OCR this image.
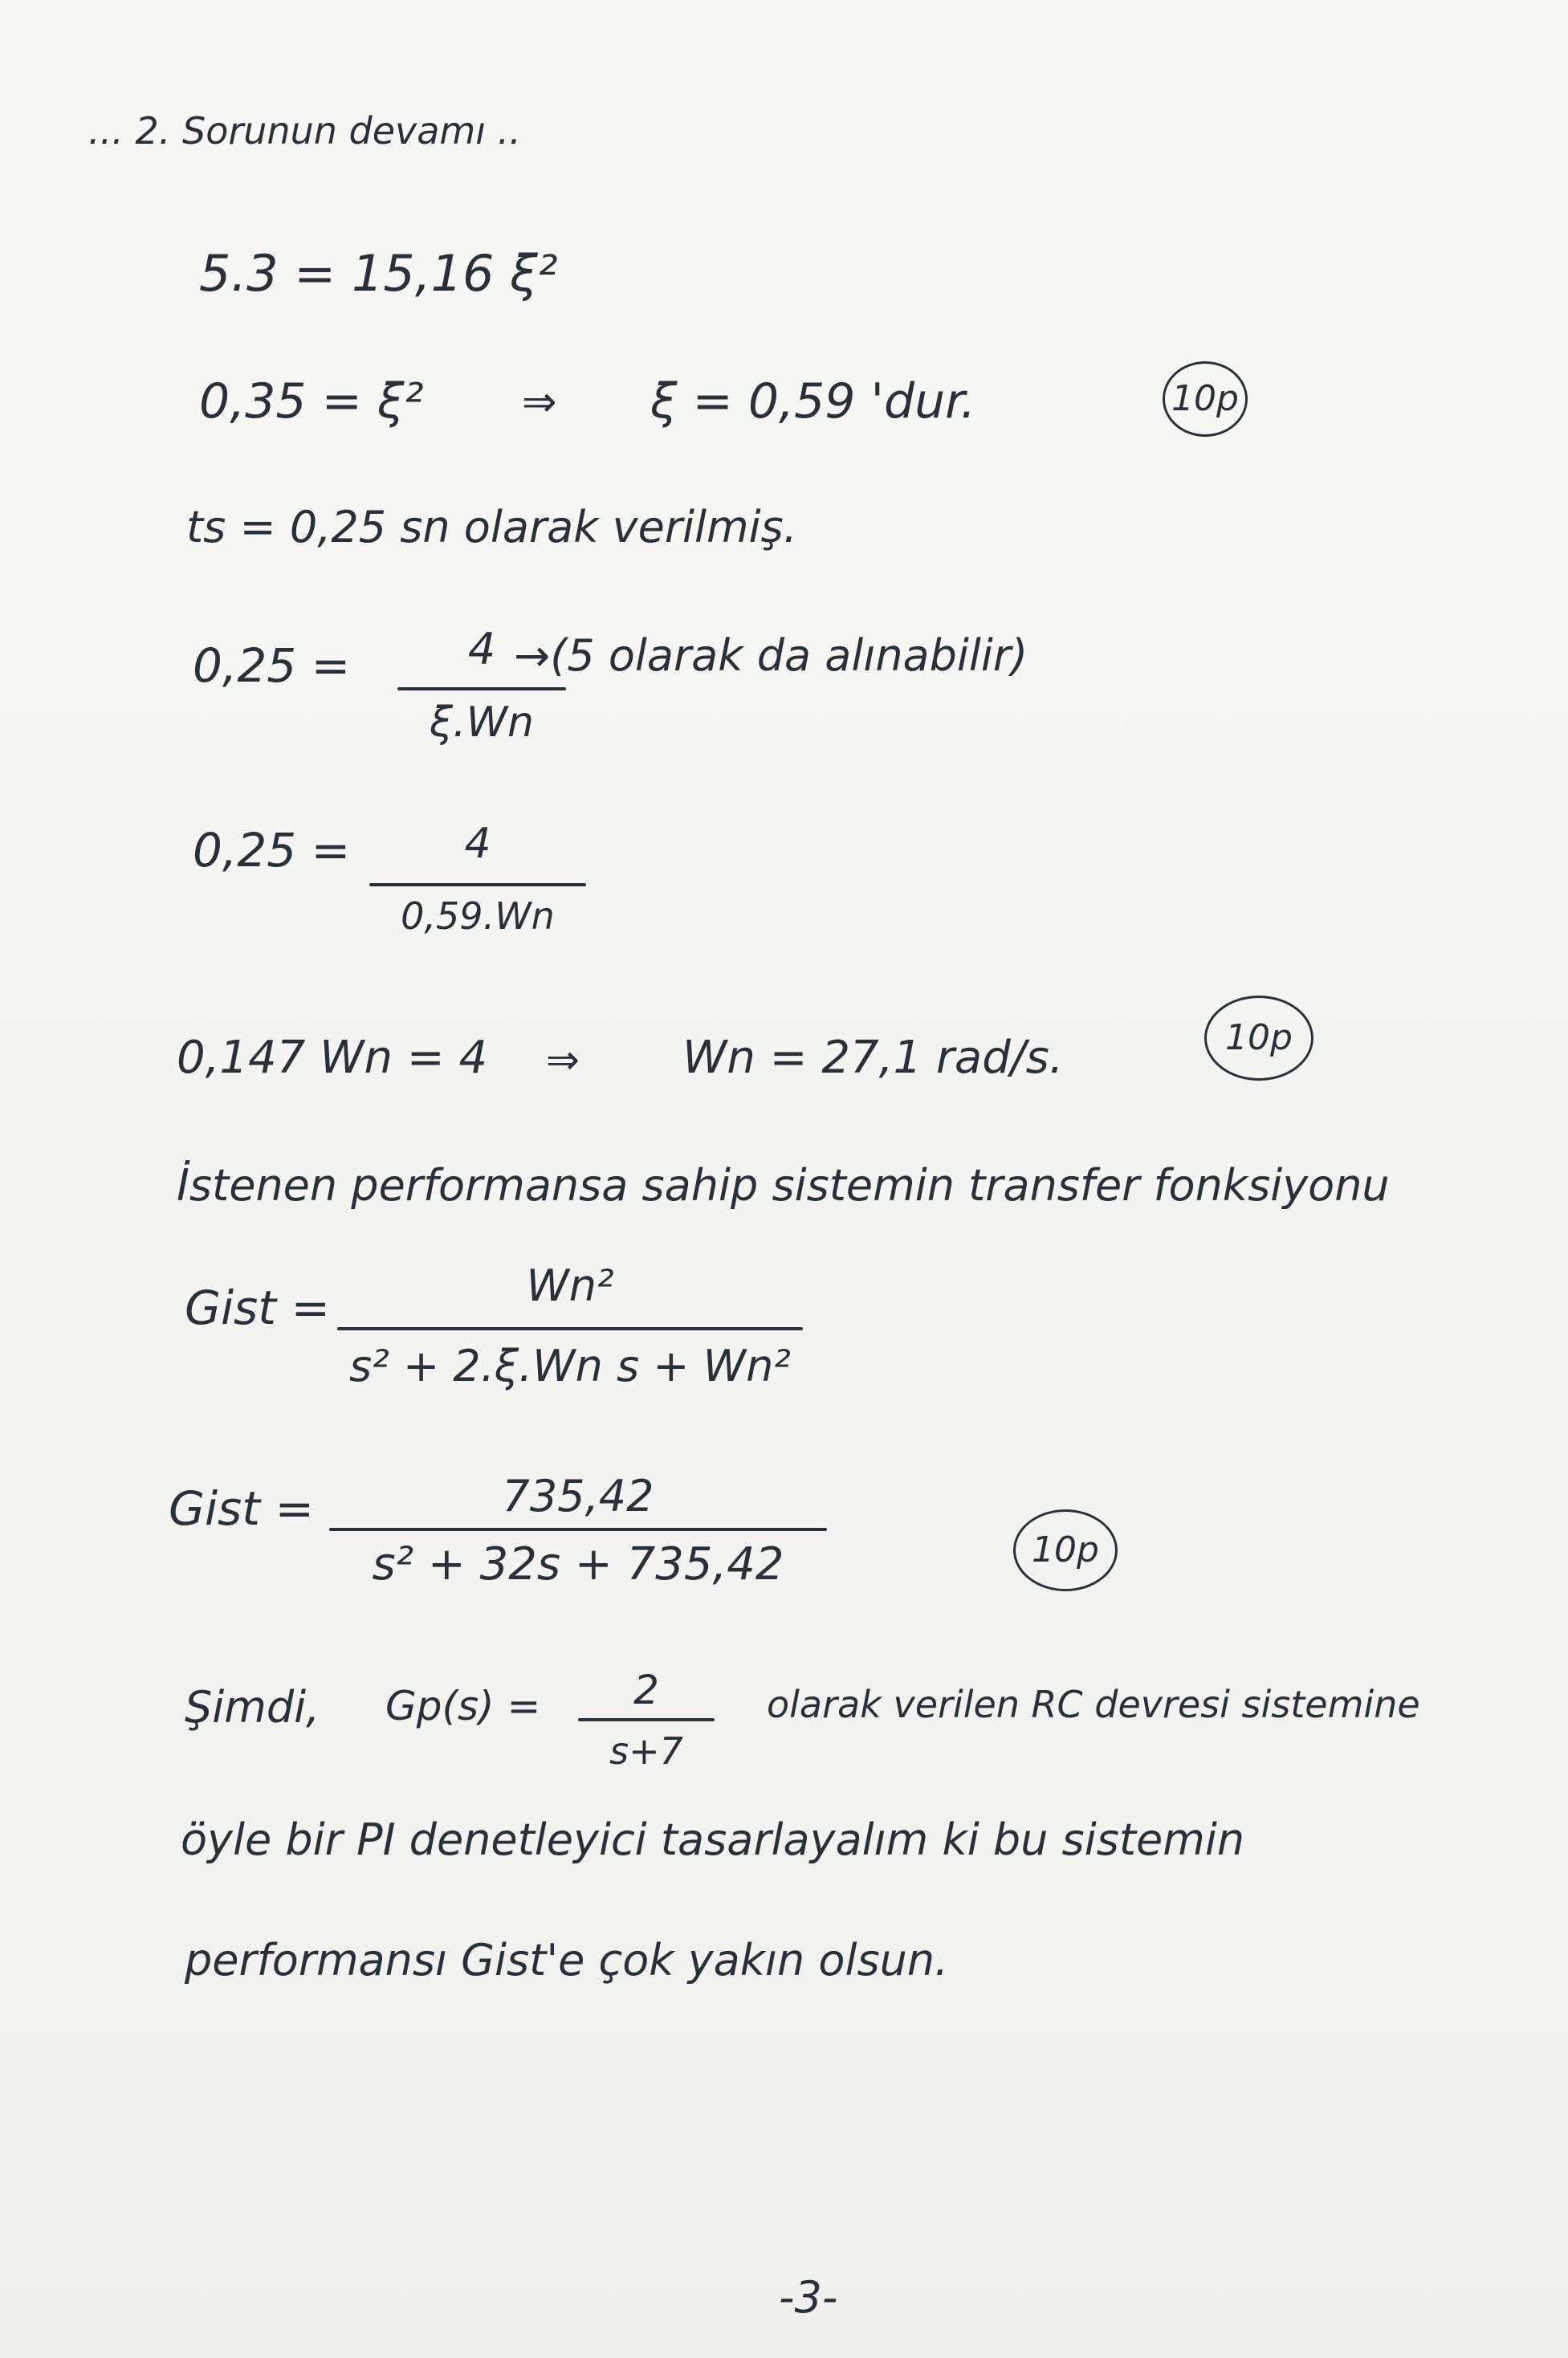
... 2. Sorunun devamı ..
5.3 = 15,16 ξ²
0,35 = ξ² ⇒ ξ = 0,59 'dur.	10p
ts = 0,25 sn olarak verilmiş.
0,25 =	4
ξ.Wn
→(5 olarak da alınabilir)
0,25 =	4
0,59.Wn
0,147 Wn = 4 ⇒ Wn = 27,1 rad/s.	10p
İstenen performansa sahip sistemin transfer fonksiyonu
Gist =	Wn²
s² + 2.ξ.Wn s + Wn²
Gist =	735,42
s² + 32s + 735,42	10p
Şimdi, Gp(s) =	2
s+7
olarak verilen RC devresi sistemine
öyle bir PI denetleyici tasarlayalım ki bu sistemin
performansı Gist'e çok yakın olsun.
-3-
